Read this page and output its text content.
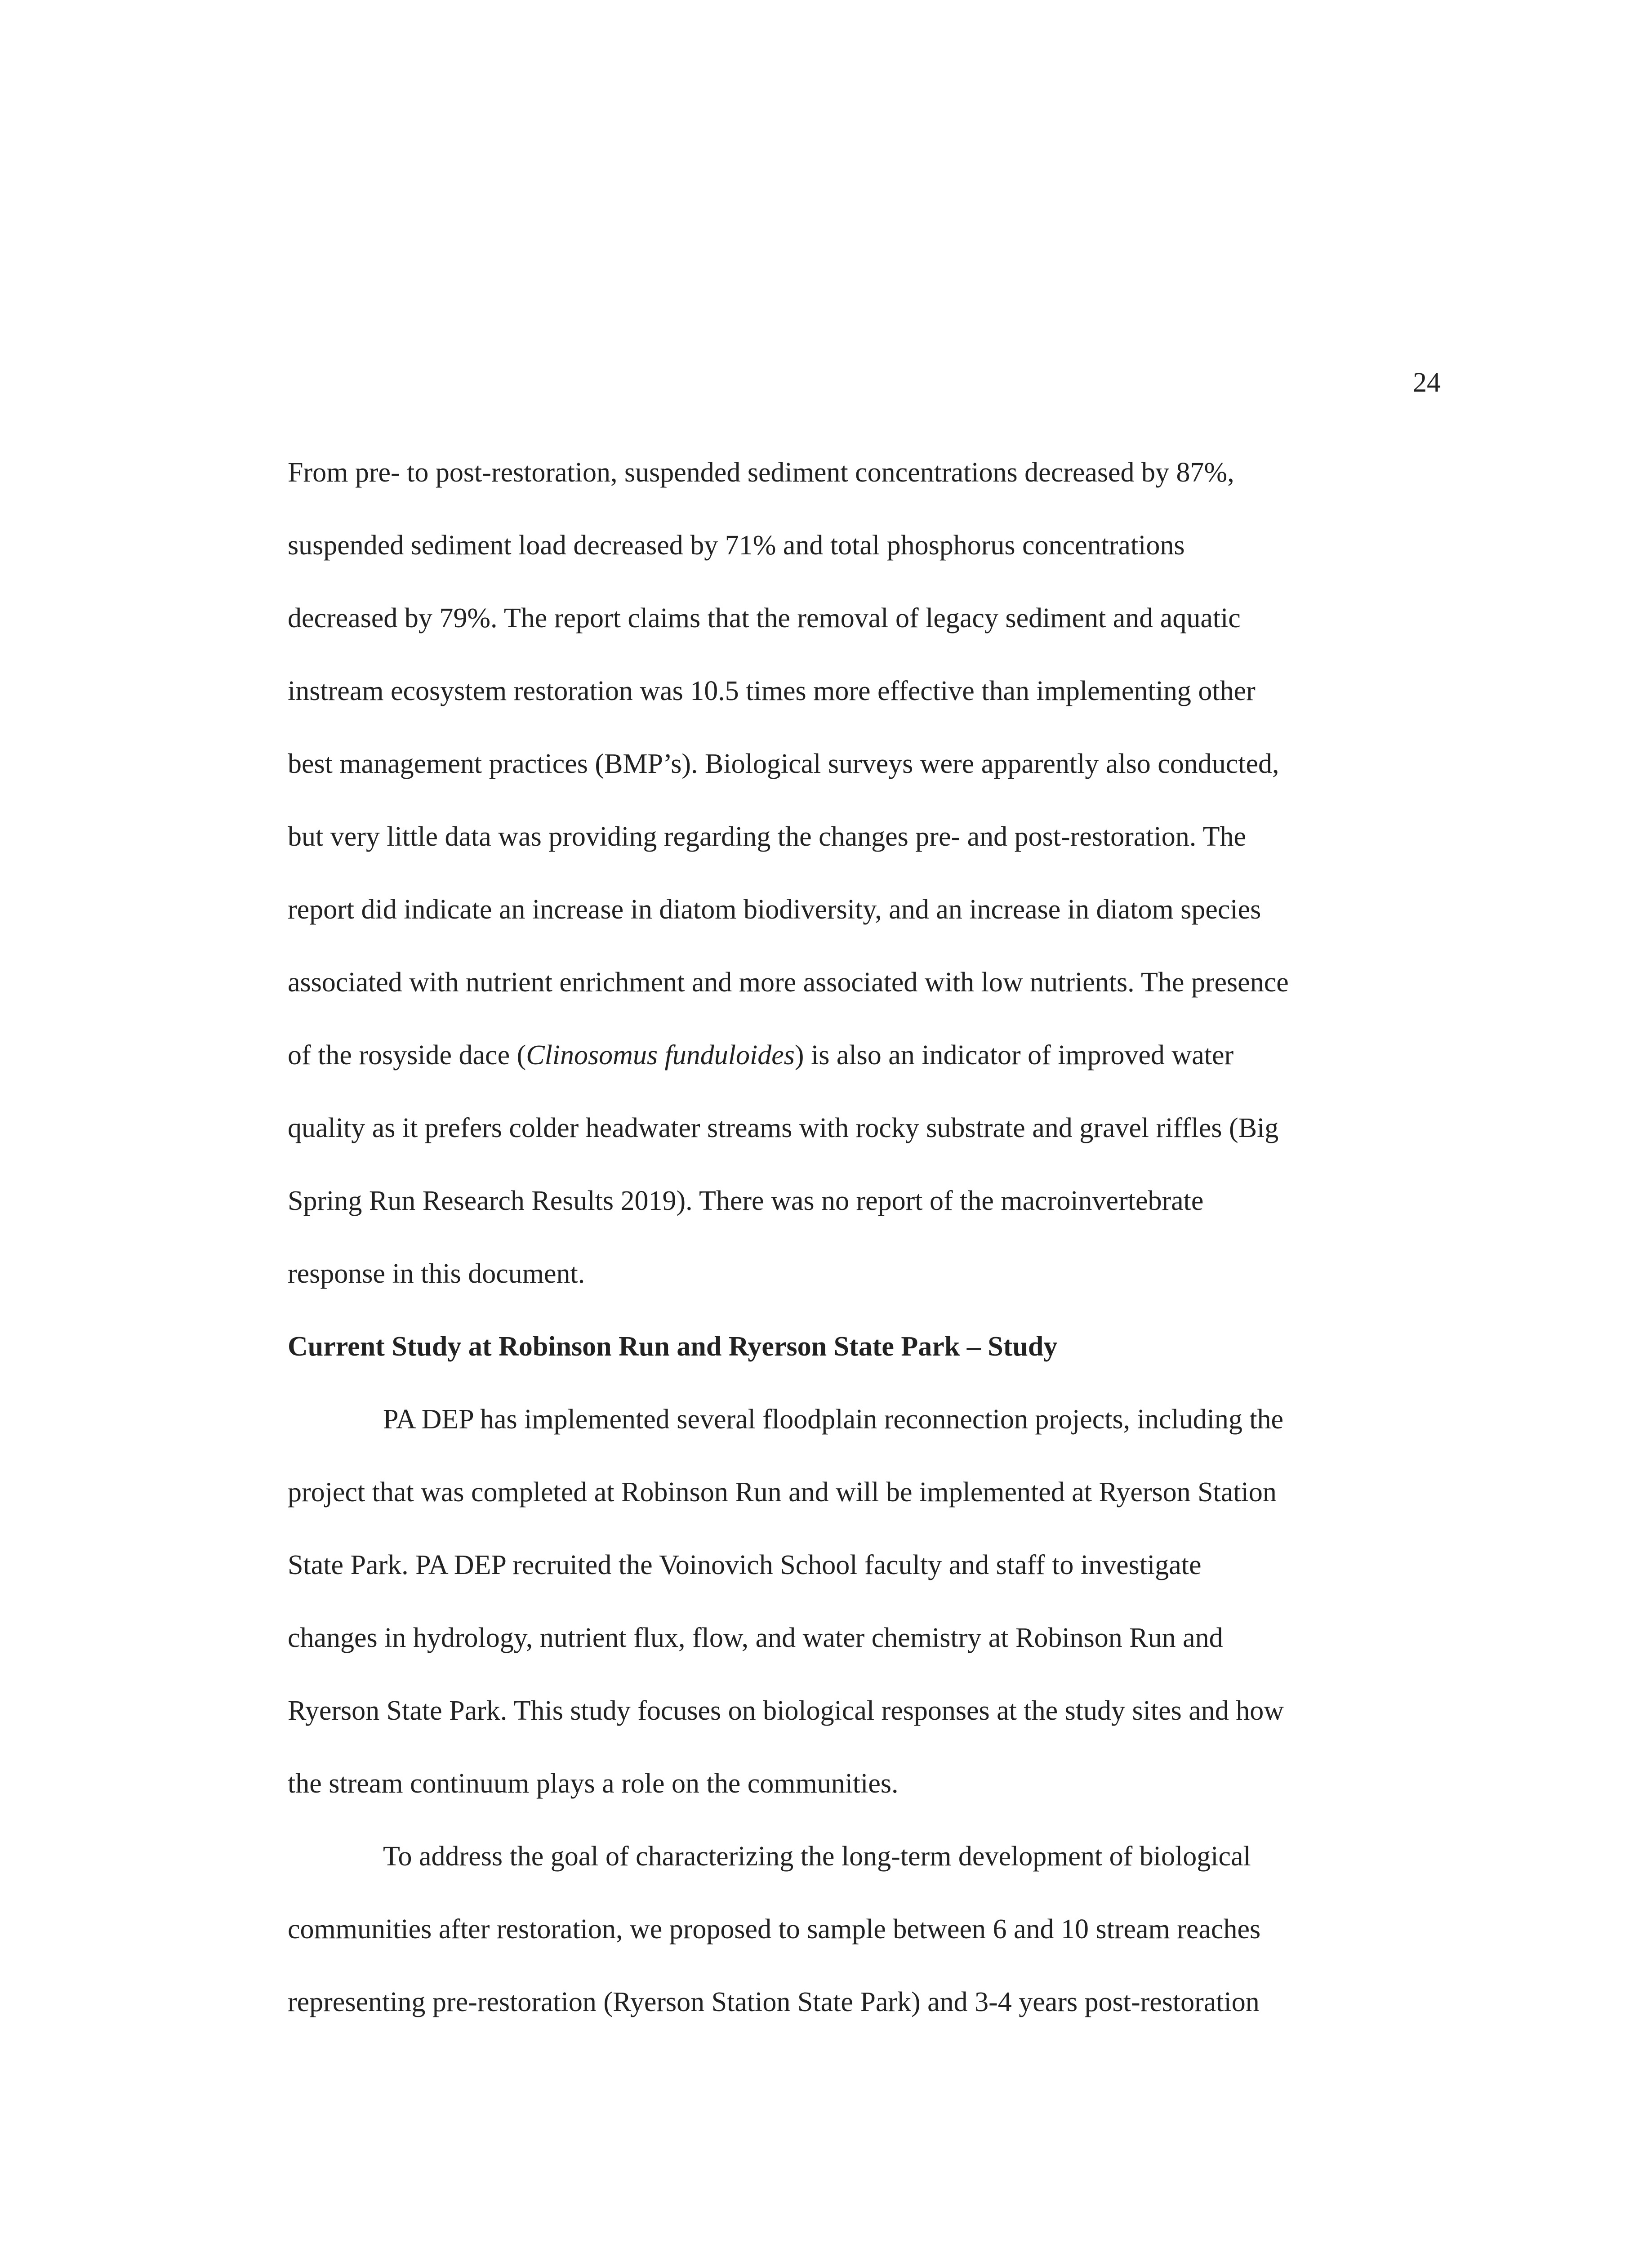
24
From pre- to post-restoration, suspended sediment concentrations decreased by 87%,
suspended sediment load decreased by 71% and total phosphorus concentrations
decreased by 79%. The report claims that the removal of legacy sediment and aquatic
instream ecosystem restoration was 10.5 times more effective than implementing other
best management practices (BMP’s). Biological surveys were apparently also conducted,
but very little data was providing regarding the changes pre- and post-restoration. The
report did indicate an increase in diatom biodiversity, and an increase in diatom species
associated with nutrient enrichment and more associated with low nutrients. The presence
of the rosyside dace (Clinosomus funduloides) is also an indicator of improved water
quality as it prefers colder headwater streams with rocky substrate and gravel riffles (Big
Spring Run Research Results 2019). There was no report of the macroinvertebrate
response in this document.
Current Study at Robinson Run and Ryerson State Park – Study
PA DEP has implemented several floodplain reconnection projects, including the
project that was completed at Robinson Run and will be implemented at Ryerson Station
State Park. PA DEP recruited the Voinovich School faculty and staff to investigate
changes in hydrology, nutrient flux, flow, and water chemistry at Robinson Run and
Ryerson State Park. This study focuses on biological responses at the study sites and how
the stream continuum plays a role on the communities.
To address the goal of characterizing the long-term development of biological
communities after restoration, we proposed to sample between 6 and 10 stream reaches
representing pre-restoration (Ryerson Station State Park) and 3-4 years post-restoration
